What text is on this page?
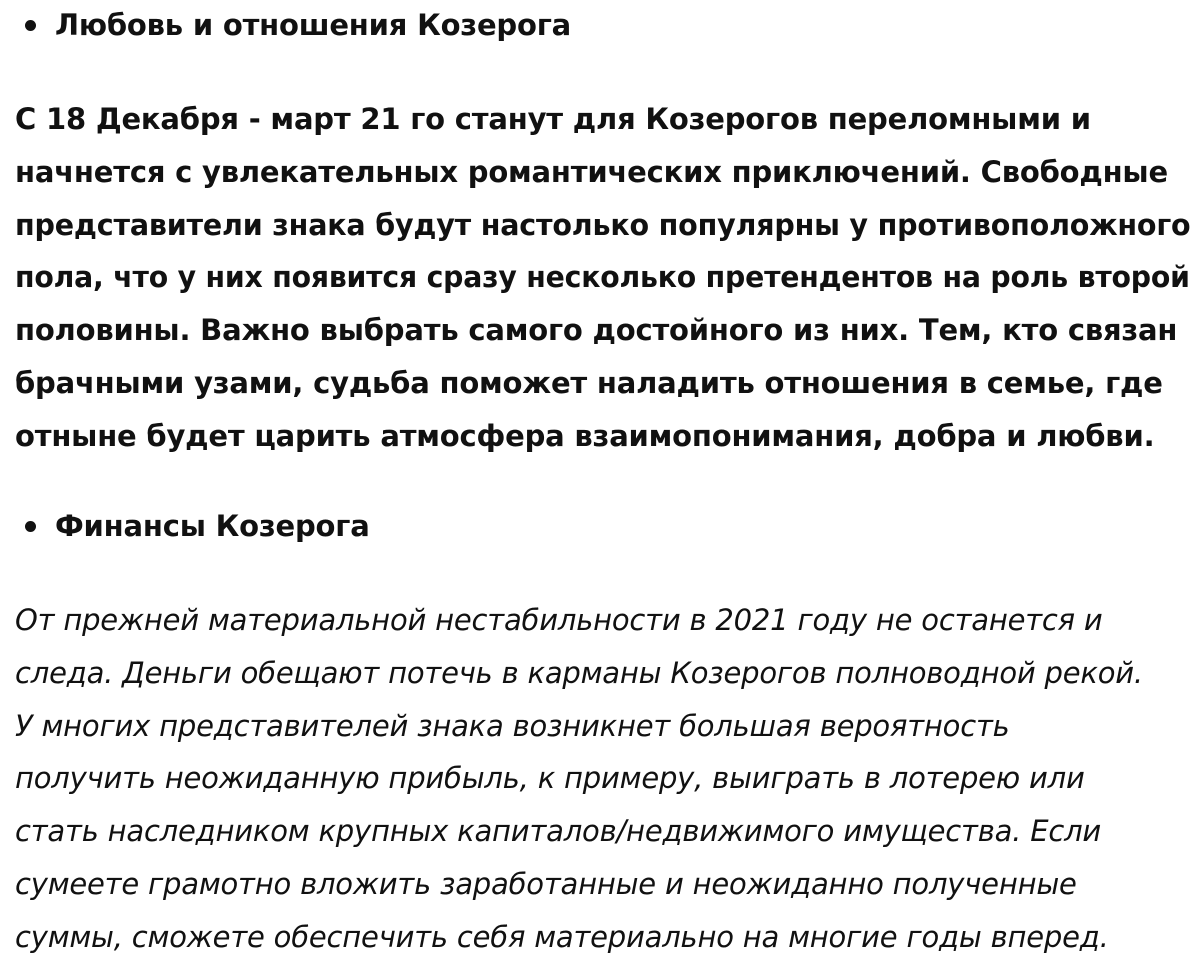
Любовь и отношения Козерога

С 18 Декабря - март 21 го станут для Козерогов переломными и
начнется с увлекательных романтических приключений. Свободные
представители знака будут настолько популярны у противоположного
пола, что у них появится сразу несколько претендентов на роль второй
половины. Важно выбрать самого достойного из них. Тем, кто связан
брачными узами, судьба поможет наладить отношения в семье, где
отныне будет царить атмосфера взаимопонимания, добра и любви.

Финансы Козерога

От прежней материальной нестабильности в 2021 году не останется и
следа. Деньги обещают потечь в карманы Козерогов полноводной рекой.
У многих представителей знака возникнет большая вероятность
получить неожиданную прибыль, к примеру, выиграть в лотерею или
стать наследником крупных капиталов/недвижимого имущества. Если
сумеете грамотно вложить заработанные и неожиданно полученные
суммы, сможете обеспечить себя материально на многие годы вперед.
